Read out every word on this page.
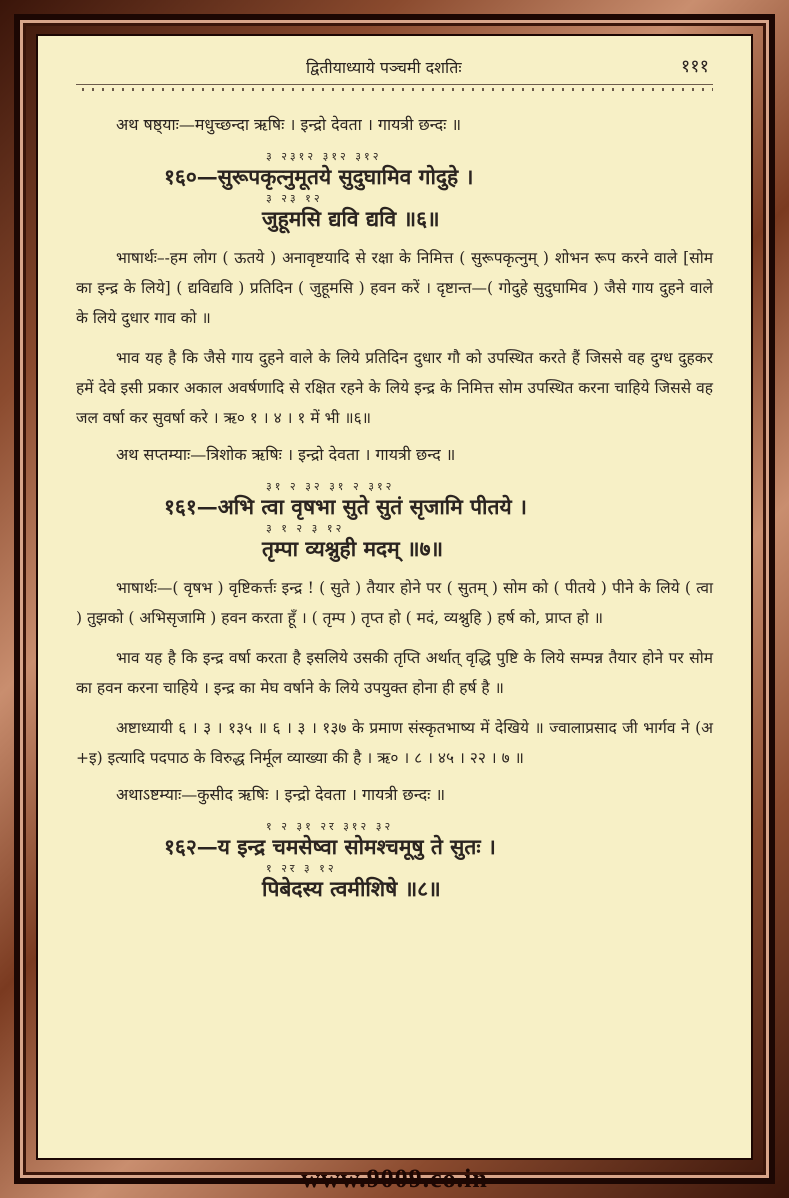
द्वितीयाध्याये पञ्चमी दशतिः	१११
अथ षष्ठ्याः—मधुच्छन्दा ऋषिः । इन्द्रो देवता । गायत्री छन्दः ॥
३ २३१२ ३१२ ३१२
१६०—सुरूपकृत्नुमूतये सुदुघामिव गोदुहे ।
३ २३ १२
जुहूमसि द्यवि द्यवि ॥६॥

भाषार्थः–-हम लोग ( ऊतये ) अनावृष्टयादि से रक्षा के निमित्त ( सुरूपकृत्नुम् ) शोभन रूप करने वाले [सोम का इन्द्र के लिये] ( द्यविद्यवि ) प्रतिदिन ( जुहूमसि ) हवन करें । दृष्टान्त—( गोदुहे सुदुघामिव ) जैसे गाय दुहने वाले के लिये दुधार गाव को ॥

भाव यह है कि जैसे गाय दुहने वाले के लिये प्रतिदिन दुधार गौ को उपस्थित करते हैं जिससे वह दुग्ध दुहकर हमें देवे इसी प्रकार अकाल अवर्षणादि से रक्षित रहने के लिये इन्द्र के निमित्त सोम उपस्थित करना चाहिये जिससे वह जल वर्षा कर सुवर्षा करे । ऋ० १ । ४ । १ में भी ॥६॥

अथ सप्तम्याः—त्रिशोक ऋषिः । इन्द्रो देवता । गायत्री छन्द ॥
३१ २ ३२ ३१ २ ३१२
१६१—अभि त्वा वृषभा सुते सुतं सृजामि पीतये ।
३ १ २ ३ १२
तृम्पा व्यश्नुही मदम् ॥७॥

भाषार्थः—( वृषभ ) वृष्टिकर्त्तः इन्द्र ! ( सुते ) तैयार होने पर ( सुतम् ) सोम को ( पीतये ) पीने के लिये ( त्वा ) तुझको ( अभिसृजामि ) हवन करता हूँ । ( तृम्प ) तृप्त हो ( मदं, व्यश्नुहि ) हर्ष को, प्राप्त हो ॥

भाव यह है कि इन्द्र वर्षा करता है इसलिये उसकी तृप्ति अर्थात् वृद्धि पुष्टि के लिये सम्पन्न तैयार होने पर सोम का हवन करना चाहिये । इन्द्र का मेघ वर्षाने के लिये उपयुक्त होना ही हर्ष है ॥

अष्टाध्यायी ६ । ३ । १३५ ॥ ६ । ३ । १३७ के प्रमाण संस्कृतभाष्य में देखिये ॥ ज्वालाप्रसाद जी भार्गव ने (अ +इ) इत्यादि पदपाठ के विरुद्ध निर्मूल व्याख्या की है । ऋ० । ८ । ४५ । २२ । ७ ॥

अथाऽष्टम्याः—कुसीद ऋषिः । इन्द्रो देवता । गायत्री छन्दः ॥
१ २ ३१ २र ३१२ ३२
१६२—य इन्द्र चमसेष्वा सोमश्चमूषु ते सुतः ।
१ २र ३ १२
पिबेदस्य त्वमीशिषे ॥८॥
www.9009.co.in
